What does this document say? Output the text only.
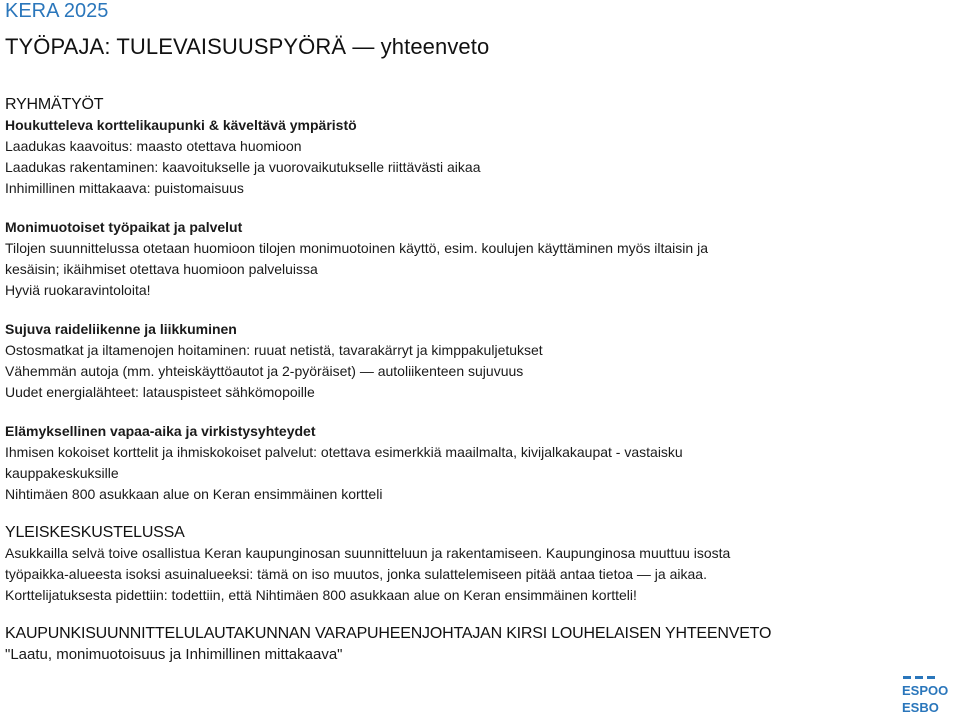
KERA 2025
TYÖPAJA: TULEVAISUUSPYÖRÄ — yhteenveto
RYHMÄTYÖT
Houkutteleva korttelikaupunki & käveltävä ympäristö
Laadukas kaavoitus: maasto otettava huomioon
Laadukas rakentaminen: kaavoitukselle ja vuorovaikutukselle riittävästi aikaa
Inhimillinen mittakaava: puistomaisuus
Monimuotoiset työpaikat ja palvelut
Tilojen suunnittelussa otetaan huomioon tilojen monimuotoinen käyttö, esim. koulujen käyttäminen myös iltaisin ja
kesäisin; ikäihmiset otettava huomioon palveluissa
Hyviä ruokaravintoloita!
Sujuva raideliikenne ja liikkuminen
Ostosmatkat ja iltamenojen hoitaminen: ruuat netistä, tavarakärryt ja kimppakuljetukset
Vähemmän autoja (mm. yhteiskäyttöautot ja 2-pyöräiset) — autoliikenteen sujuvuus
Uudet energialähteet: latauspisteet sähkömopoille
Elämyksellinen vapaa-aika ja virkistysyhteydet
Ihmisen kokoiset korttelit ja ihmiskokoiset palvelut: otettava esimerkkiä maailmalta, kivijalkakaupat - vastaisku
kauppakeskuksille
Nihtimäen 800 asukkaan alue on Keran ensimmäinen kortteli
YLEISKESKUSTELUSSA
Asukkailla selvä toive osallistua Keran kaupunginosan suunnitteluun ja rakentamiseen. Kaupunginosa muuttuu isosta
työpaikka-alueesta isoksi asuinalueeksi: tämä on iso muutos, jonka sulattelemiseen pitää antaa tietoa — ja aikaa.
Korttelijatuksesta pidettiin: todettiin, että Nihtimäen 800 asukkaan alue on Keran ensimmäinen kortteli!
KAUPUNKISUUNNITTELULAUTAKUNNAN VARAPUHEENJOHTAJAN KIRSI LOUHELAISEN YHTEENVETO
"Laatu, monimuotoisuus ja Inhimillinen mittakaava"
ESPOO
ESBO
